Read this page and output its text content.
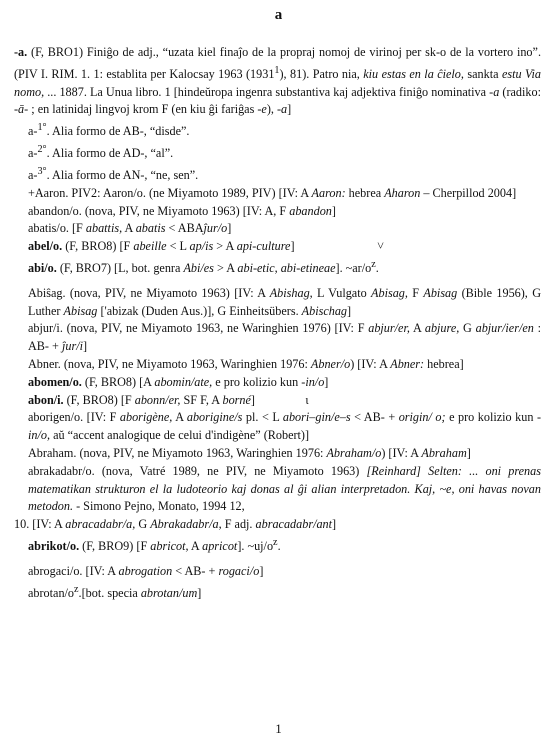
a

-a. (F, BRO1) Finiĝo de adj., “uzata kiel finaĵo de la propraj nomoj de virinoj per sk-o de la vortero ino”. (PIV I. RIM. 1. 1: establita per Kalocsay 1963 (1931$^1$), 81). Patro nia, kiu estas en la ĉielo, sankta estu Via nomo, ... 1887. La Unua libro. 1 [hindeŭropa ingenra substantiva kaj adjektiva finiĝo nominativa -a (radiko: -ā- ; en latinidaj lingvoj krom F (en kiu ĝi fariĝas -e), -a]

a-$^{1^\circ}$. Alia formo de AB-, “disde”.

a-$^{2^\circ}$. Alia formo de AD-, “al”.

a-$^{3^\circ}$. Alia formo de AN-, “ne, sen”.

+Aaron. PIV2: Aaron/o. (ne Miyamoto 1989, PIV) [IV: A Aaron: hebrea Aharon – Cherpillod 2004]

abandon/o. (nova, PIV, ne Miyamoto 1963) [IV: A, F abandon]

abatis/o. [F abattis, A abatis < ABAĵur/o]

abel/o. (F, BRO8) [F abeille < L ap/is > A api-culture]	˅

abi/o. (F, BRO7) [L, bot. genra Abi/es > A abi-etic, abi-etineae]. $\sim ar/o^z$.

Abiŝag. (nova, PIV, ne Miyamoto 1963) [IV: A Abishag, L Vulgato Abisag, F Abisag (Bible 1956), G Luther Abisag ['abizak (Duden Aus.)], G Einheitsübers. Abischag]

abjur/i. (nova, PIV, ne Miyamoto 1963, ne Waringhien 1976) [IV: F abjur/er, A abjure, G abjur/ier/en : AB- + ĵur/i]

Abner. (nova, PIV, ne Miyamoto 1963, Waringhien 1976: Abner/o) [IV: A Abner: hebrea]

abomen/o. (F, BRO8) [A abomin/ate, e pro kolizio kun -in/o]

abon/i. (F, BRO8) [F abonn/er, SF F, A borné]	ɩ

aborigen/o. [IV: F aborigène, A aborigine/s pl. < L abori–gin/e–s < AB- + origin/ o; e pro kolizio kun -in/o, aŭ “accent analogique de celui d'indigène” (Robert)]

Abraham. (nova, PIV, ne Miyamoto 1963, Waringhien 1976: Abraham/o) [IV: A Abraham]

abrakadabr/o. (nova, Vatré 1989, ne PIV, ne Miyamoto 1963) [Reinhard] Selten: ... oni prenas matematikan strukturon el la ludoteorio kaj donas al ĝi alian interpretadon. Kaj, ~e, oni havas novan metodon. - Simono Pejno, Monato, 1994 12,

10. [IV: A abracadabr/a, G Abrakadabr/a, F adj. abracadabr/ant]

abrikot/o. (F, BRO9) [F abricot, A apricot]. $\sim uj/o^z$.

abrogaci/o. [IV: A abrogation < AB- + rogaci/o]

abrotan/$o^z.[bot$. specia abrotan/um]

1
